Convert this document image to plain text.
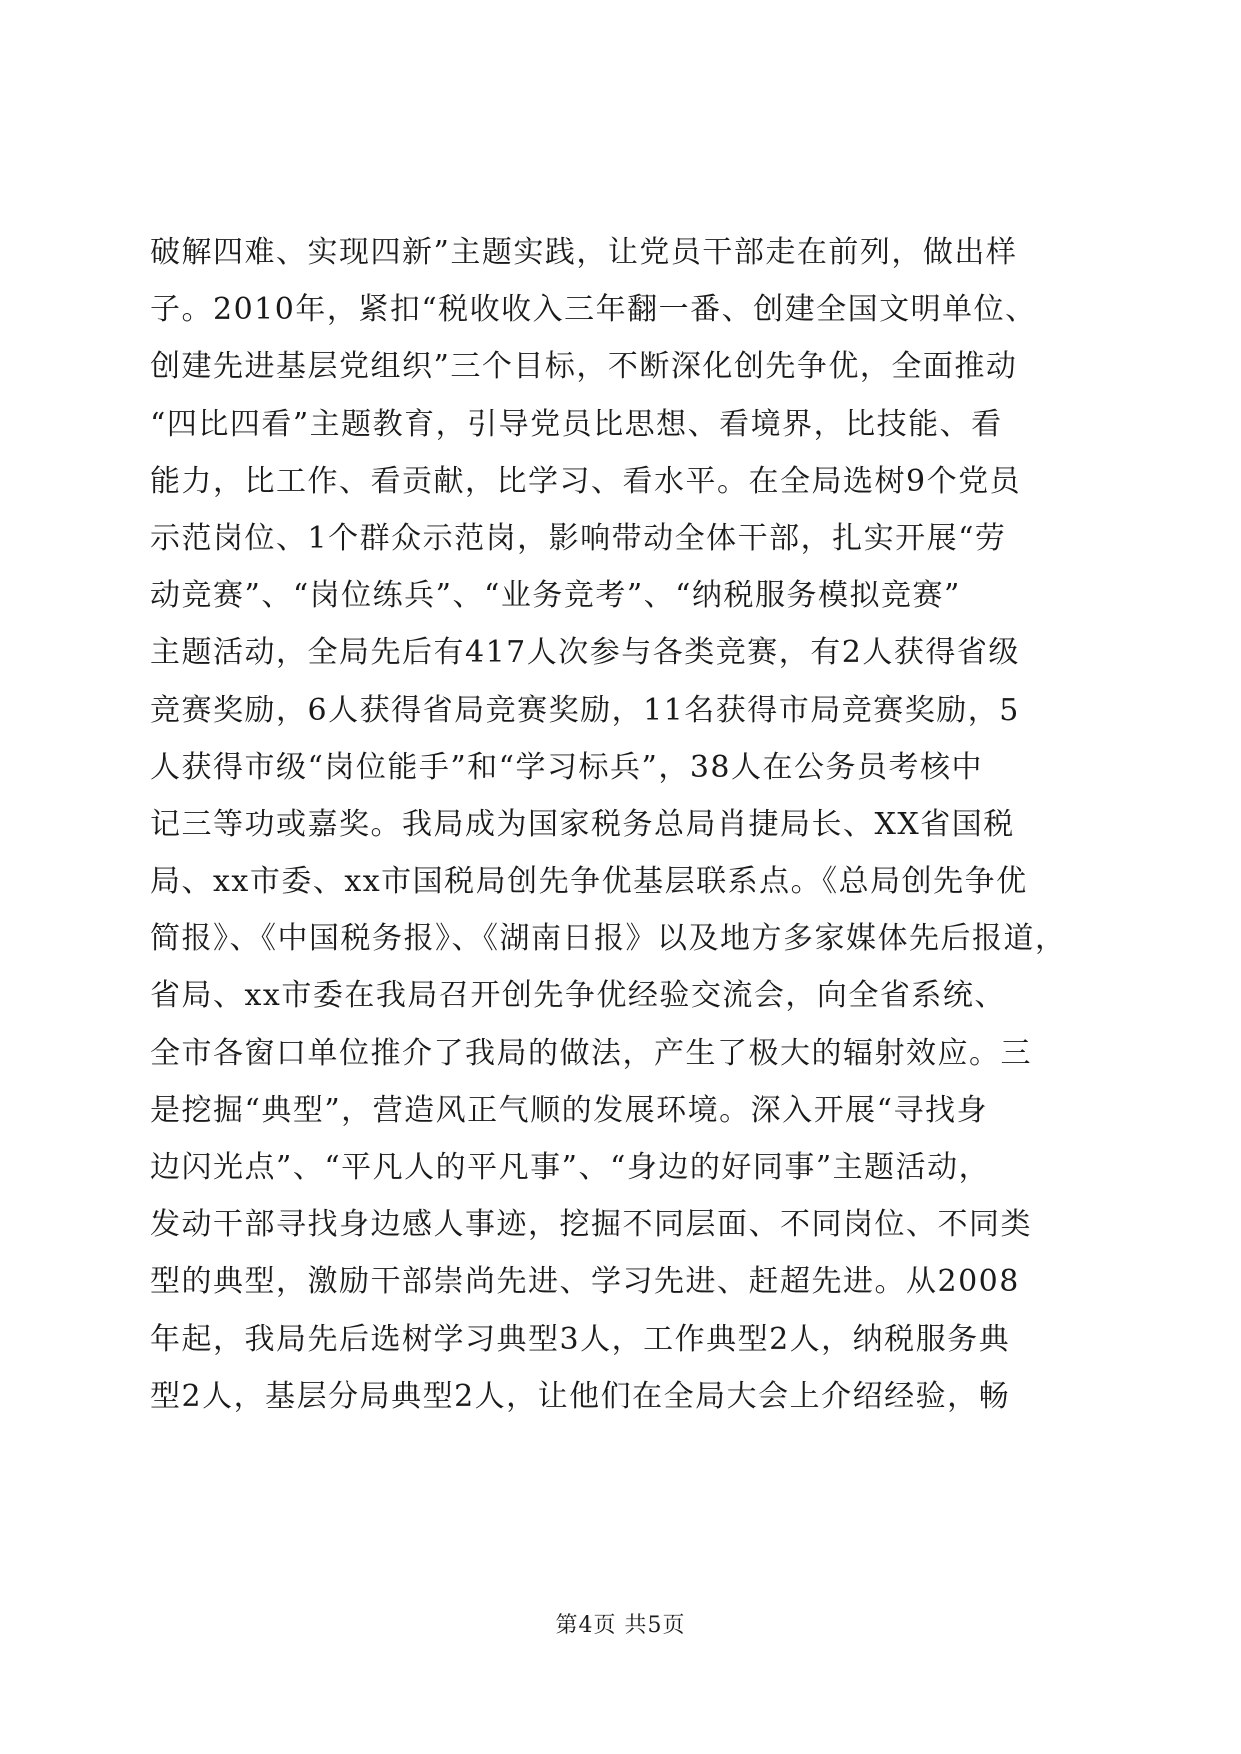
破解四难、实现四新”主题实践，让党员干部走在前列，做出样
子。2010年，紧扣“税收收入三年翻一番、创建全国文明单位、
创建先进基层党组织”三个目标，不断深化创先争优，全面推动
“四比四看”主题教育，引导党员比思想、看境界，比技能、看
能力，比工作、看贡献，比学习、看水平。在全局选树9个党员
示范岗位、1个群众示范岗，影响带动全体干部，扎实开展“劳
动竞赛”、“岗位练兵”、“业务竞考”、“纳税服务模拟竞赛”
主题活动，全局先后有417人次参与各类竞赛，有2人获得省级
竞赛奖励，6人获得省局竞赛奖励，11名获得市局竞赛奖励，5
人获得市级“岗位能手”和“学习标兵”，38人在公务员考核中
记三等功或嘉奖。我局成为国家税务总局肖捷局长、XX省国税
局、xx市委、xx市国税局创先争优基层联系点。《总局创先争优
简报》、《中国税务报》、《湖南日报》以及地方多家媒体先后报道，
省局、xx市委在我局召开创先争优经验交流会，向全省系统、
全市各窗口单位推介了我局的做法，产生了极大的辐射效应。三
是挖掘“典型”，营造风正气顺的发展环境。深入开展“寻找身
边闪光点”、“平凡人的平凡事”、“身边的好同事”主题活动，
发动干部寻找身边感人事迹，挖掘不同层面、不同岗位、不同类
型的典型，激励干部崇尚先进、学习先进、赶超先进。从2008
年起，我局先后选树学习典型3人，工作典型2人，纳税服务典
型2人，基层分局典型2人，让他们在全局大会上介绍经验，畅
第4页 共5页
